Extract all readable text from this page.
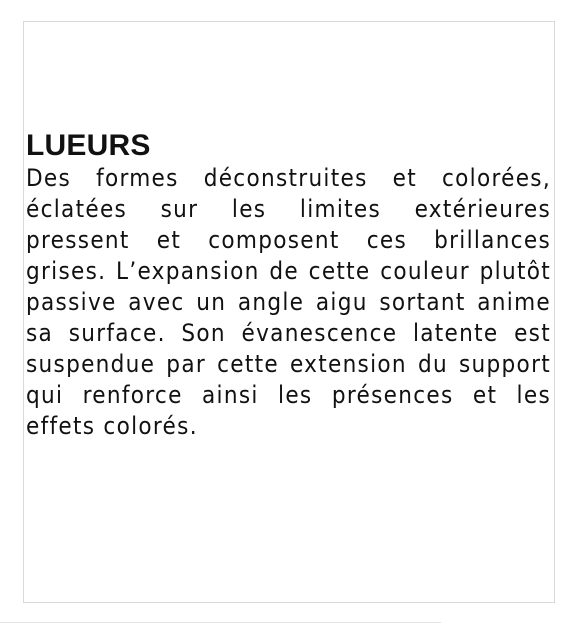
LUEURS

Des formes déconstruites et colorées, éclatées sur les limites extérieures pressent et composent ces brillances grises. L’expansion de cette couleur plutôt passive avec un angle aigu sortant anime sa surface. Son évanescence latente est suspendue par cette extension du support qui renforce ainsi les présences et les effets colorés.
